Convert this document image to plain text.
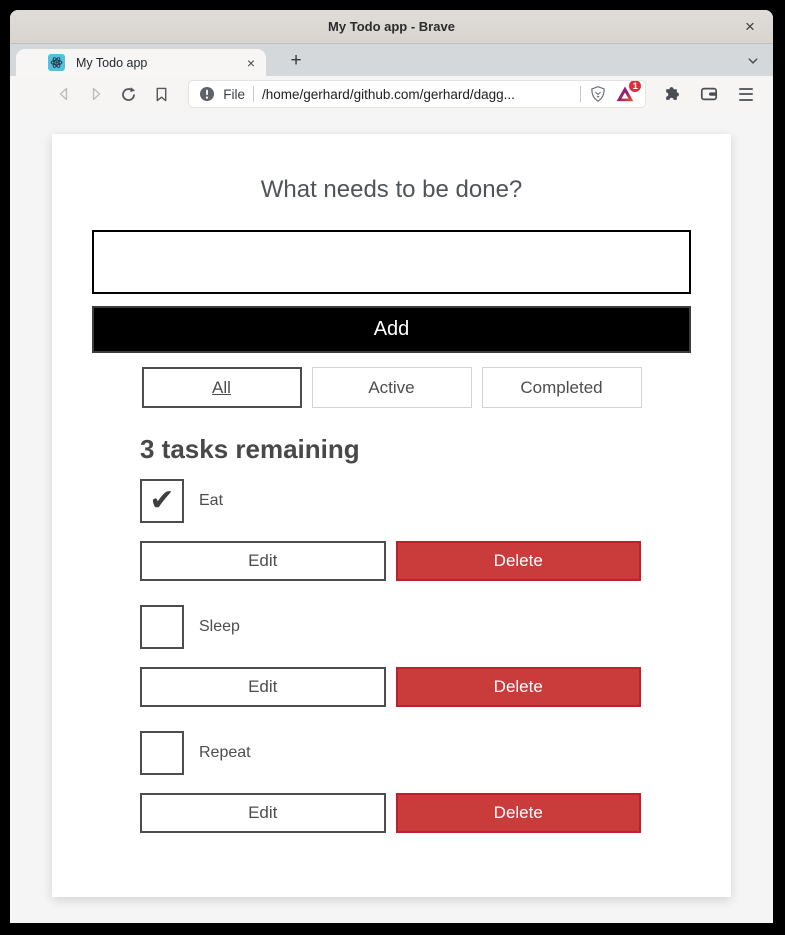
My Todo app - Brave	×
My Todo app	× +
File /home/gerhard/github.com/gerhard/dagg...
1
What needs to be done?
Add
All	Active	Completed
3 tasks remaining
✔ Eat
Edit	Delete
Sleep
Edit	Delete
Repeat
Edit	Delete
